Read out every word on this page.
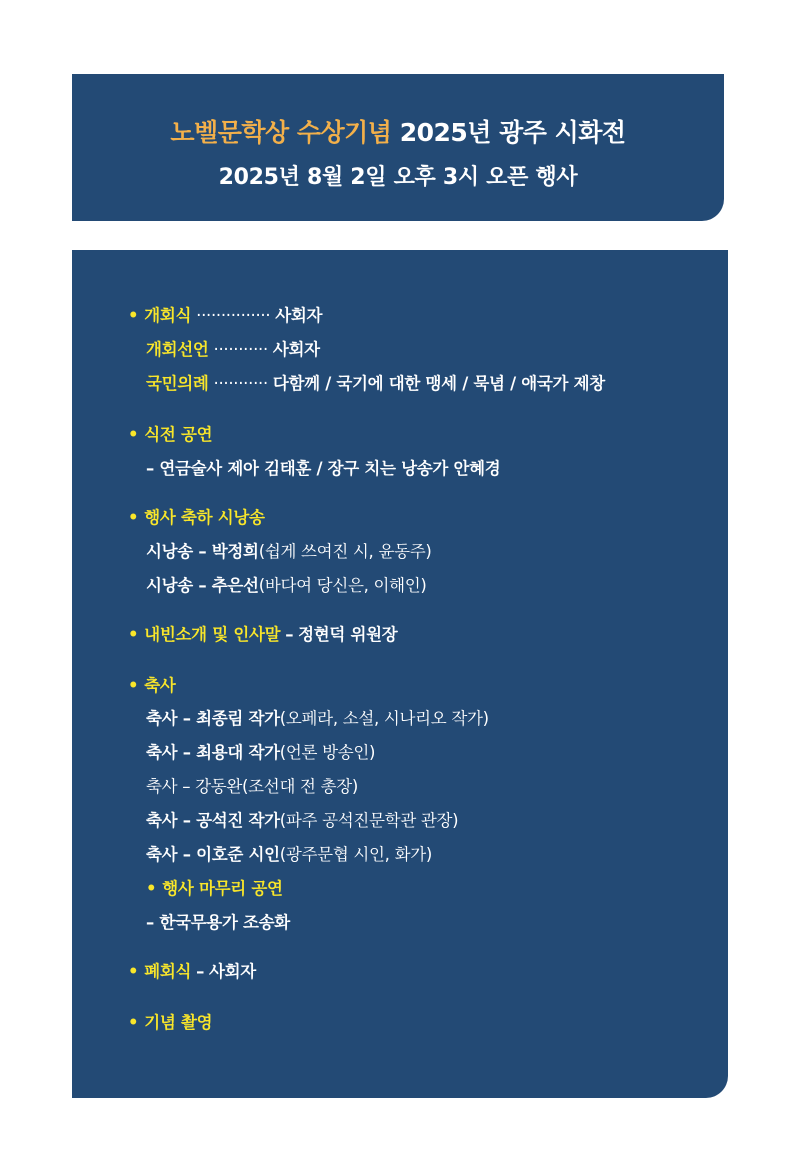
노벨문학상 수상기념 2025년 광주 시화전
2025년 8월 2일 오후 3시 오픈 행사
• 개회식 ··············· 사회자
개회선언 ··········· 사회자
국민의례 ··········· 다함께 / 국기에 대한 맹세 / 묵념 / 애국가 제창
• 식전 공연
– 연금술사 제아 김태훈 / 장구 치는 낭송가 안혜경
• 행사 축하 시낭송
시낭송 – 박정희(쉽게 쓰여진 시, 윤동주)
시낭송 – 추은선(바다여 당신은, 이해인)
• 내빈소개 및 인사말 – 정현덕 위원장
• 축사
축사 – 최종림 작가(오페라, 소설, 시나리오 작가)
축사 – 최용대 작가(언론 방송인)
축사 – 강동완(조선대 전 총장)
축사 – 공석진 작가(파주 공석진문학관 관장)
축사 – 이호준 시인(광주문협 시인, 화가)
• 행사 마무리 공연
– 한국무용가 조송화
• 폐회식 – 사회자
• 기념 촬영
